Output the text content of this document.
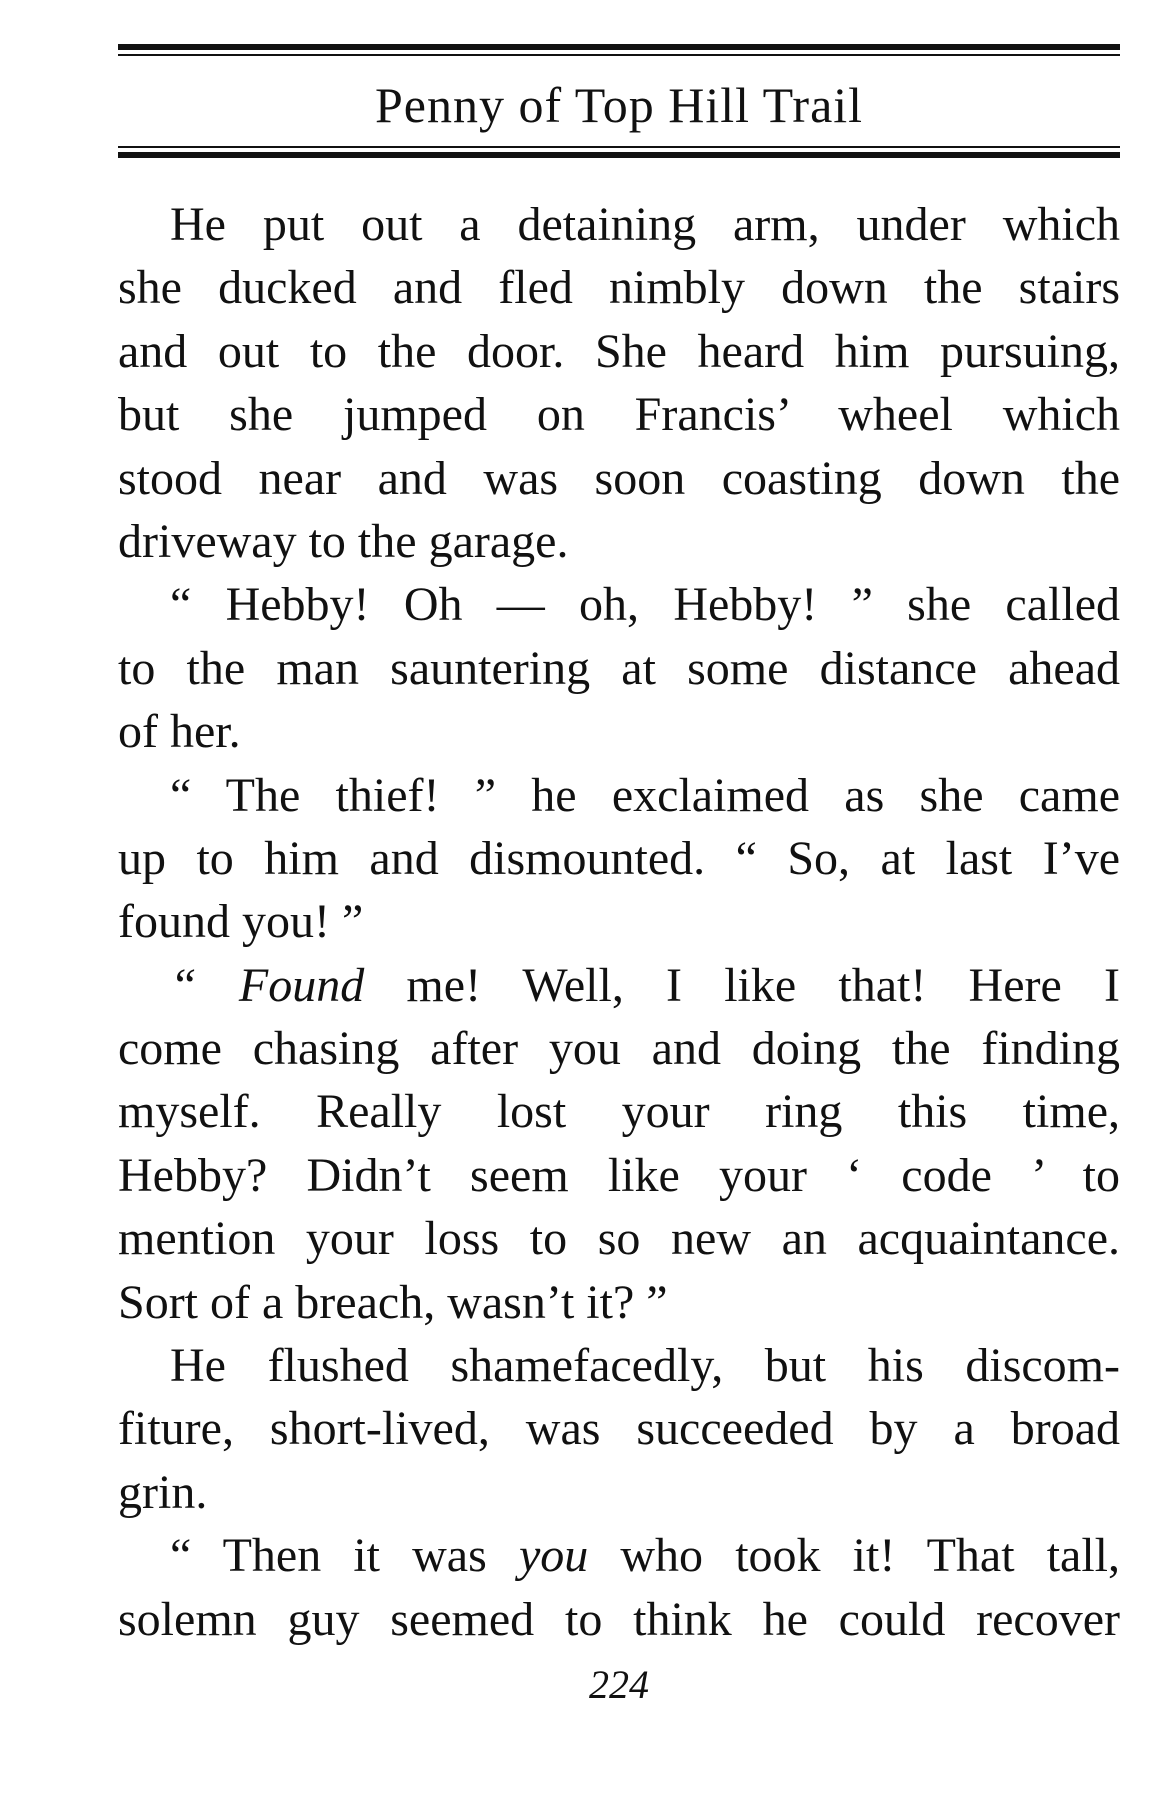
Penny of Top Hill Trail
He put out a detaining arm, under which
she ducked and fled nimbly down the stairs
and out to the door. She heard him pursuing,
but she jumped on Francis’ wheel which
stood near and was soon coasting down the
driveway to the garage.
“ Hebby! Oh — oh, Hebby! ” she called
to the man sauntering at some distance ahead
of her.
“ The thief! ” he exclaimed as she came
up to him and dismounted. “ So, at last I’ve
found you! ”
“ Found me! Well, I like that! Here I
come chasing after you and doing the finding
myself. Really lost your ring this time,
Hebby? Didn’t seem like your ‘ code ’ to
mention your loss to so new an acquaintance.
Sort of a breach, wasn’t it? ”
He flushed shamefacedly, but his discom-
fiture, short-lived, was succeeded by a broad
grin.
“ Then it was you who took it! That tall,
solemn guy seemed to think he could recover
224
